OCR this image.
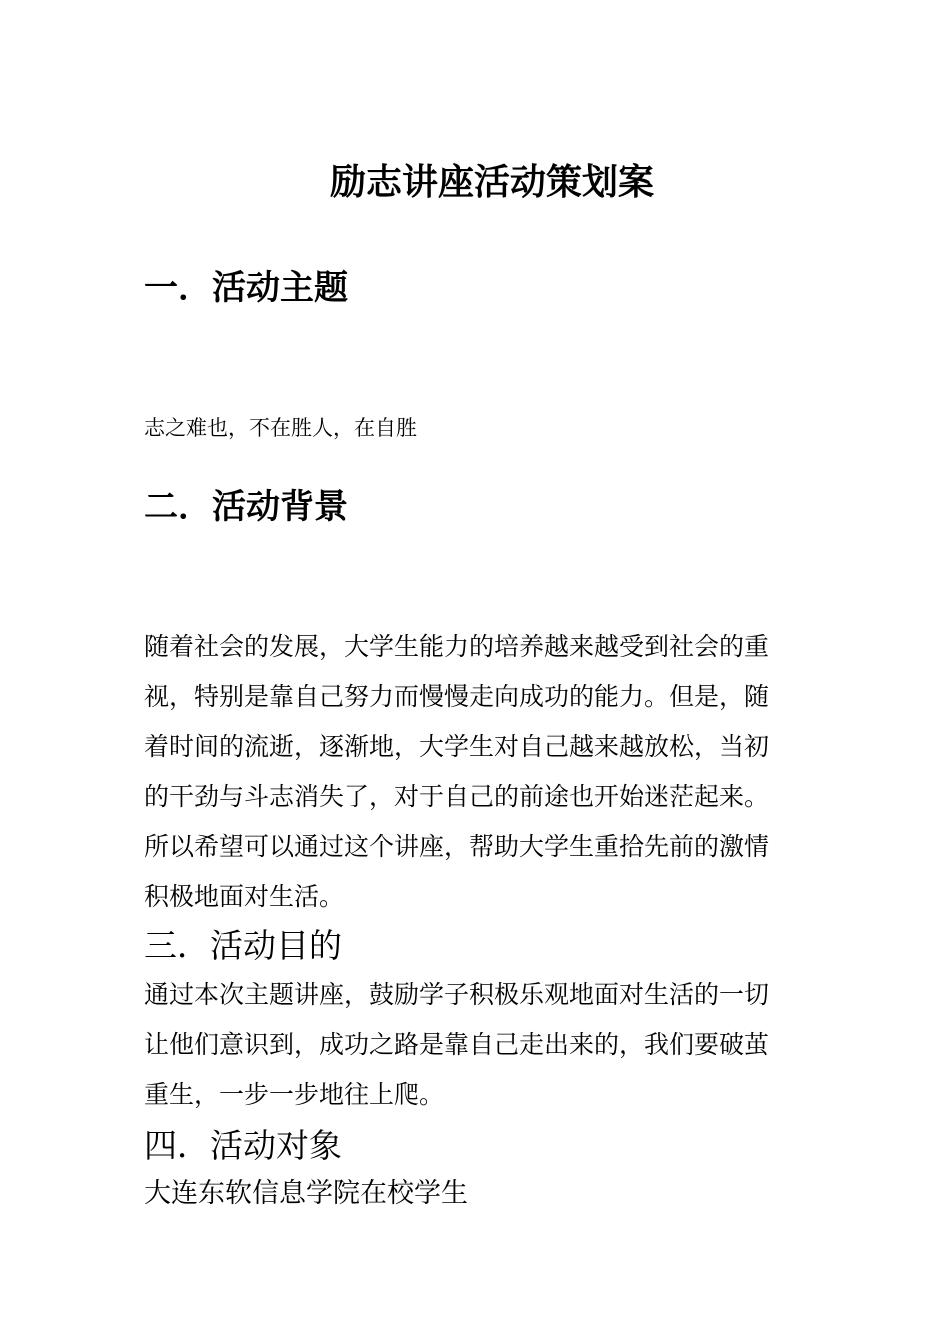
励志讲座活动策划案
一．活动主题

志之难也，不在胜人，在自胜

二．活动背景
随着社会的发展，大学生能力的培养越来越受到社会的重
视，特别是靠自己努力而慢慢走向成功的能力。但是，随
着时间的流逝，逐渐地，大学生对自己越来越放松，当初
的干劲与斗志消失了，对于自己的前途也开始迷茫起来。
所以希望可以通过这个讲座，帮助大学生重拾先前的激情
积极地面对生活。
三．活动目的
通过本次主题讲座，鼓励学子积极乐观地面对生活的一切
让他们意识到，成功之路是靠自己走出来的，我们要破茧
重生，一步一步地往上爬。
四．活动对象

大连东软信息学院在校学生
